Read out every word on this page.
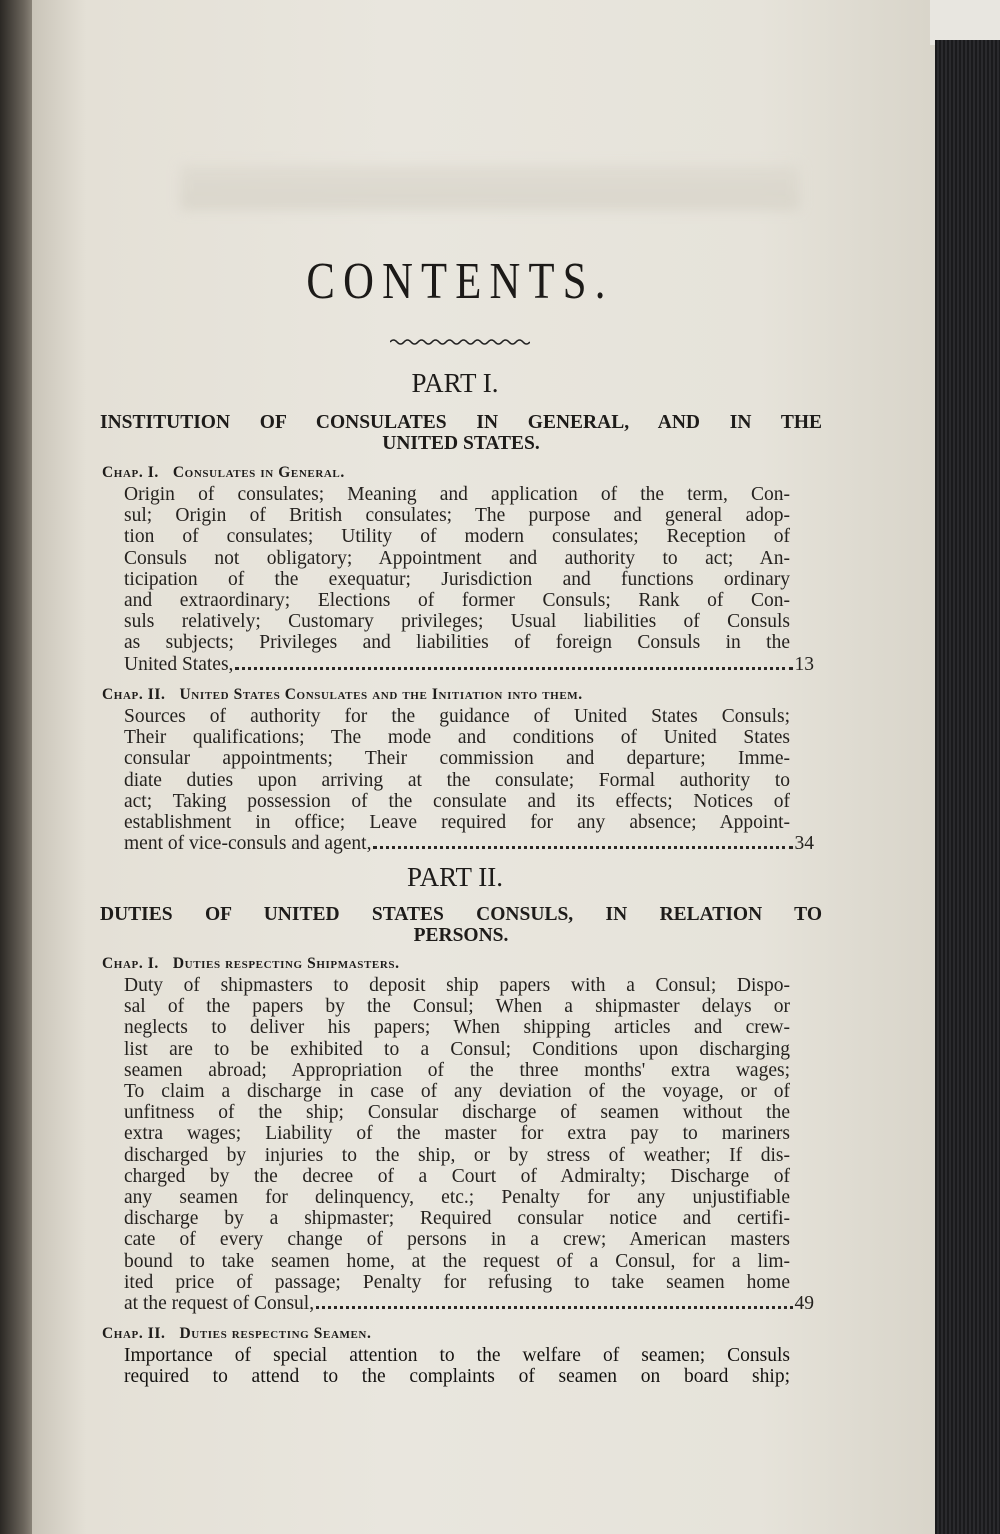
CONTENTS.
PART I.
INSTITUTION OF CONSULATES IN GENERAL, AND IN THE
UNITED STATES.
Chap. I. Consulates in General.
Origin of consulates; Meaning and application of the term, Con-
sul; Origin of British consulates; The purpose and general adop-
tion of consulates; Utility of modern consulates; Reception of
Consuls not obligatory; Appointment and authority to act; An-
ticipation of the exequatur; Jurisdiction and functions ordinary
and extraordinary; Elections of former Consuls; Rank of Con-
suls relatively; Customary privileges; Usual liabilities of Consuls
as subjects; Privileges and liabilities of foreign Consuls in the
United States,	13
Chap. II. United States Consulates and the Initiation into them.
Sources of authority for the guidance of United States Consuls;
Their qualifications; The mode and conditions of United States
consular appointments; Their commission and departure; Imme-
diate duties upon arriving at the consulate; Formal authority to
act; Taking possession of the consulate and its effects; Notices of
establishment in office; Leave required for any absence; Appoint-
ment of vice-consuls and agent,	34
PART II.
DUTIES OF UNITED STATES CONSULS, IN RELATION TO
PERSONS.
Chap. I. Duties respecting Shipmasters.
Duty of shipmasters to deposit ship papers with a Consul; Dispo-
sal of the papers by the Consul; When a shipmaster delays or
neglects to deliver his papers; When shipping articles and crew-
list are to be exhibited to a Consul; Conditions upon discharging
seamen abroad; Appropriation of the three months' extra wages;
To claim a discharge in case of any deviation of the voyage, or of
unfitness of the ship; Consular discharge of seamen without the
extra wages; Liability of the master for extra pay to mariners
discharged by injuries to the ship, or by stress of weather; If dis-
charged by the decree of a Court of Admiralty; Discharge of
any seamen for delinquency, etc.; Penalty for any unjustifiable
discharge by a shipmaster; Required consular notice and certifi-
cate of every change of persons in a crew; American masters
bound to take seamen home, at the request of a Consul, for a lim-
ited price of passage; Penalty for refusing to take seamen home
at the request of Consul,	49
Chap. II. Duties respecting Seamen.
Importance of special attention to the welfare of seamen; Consuls
required to attend to the complaints of seamen on board ship;
